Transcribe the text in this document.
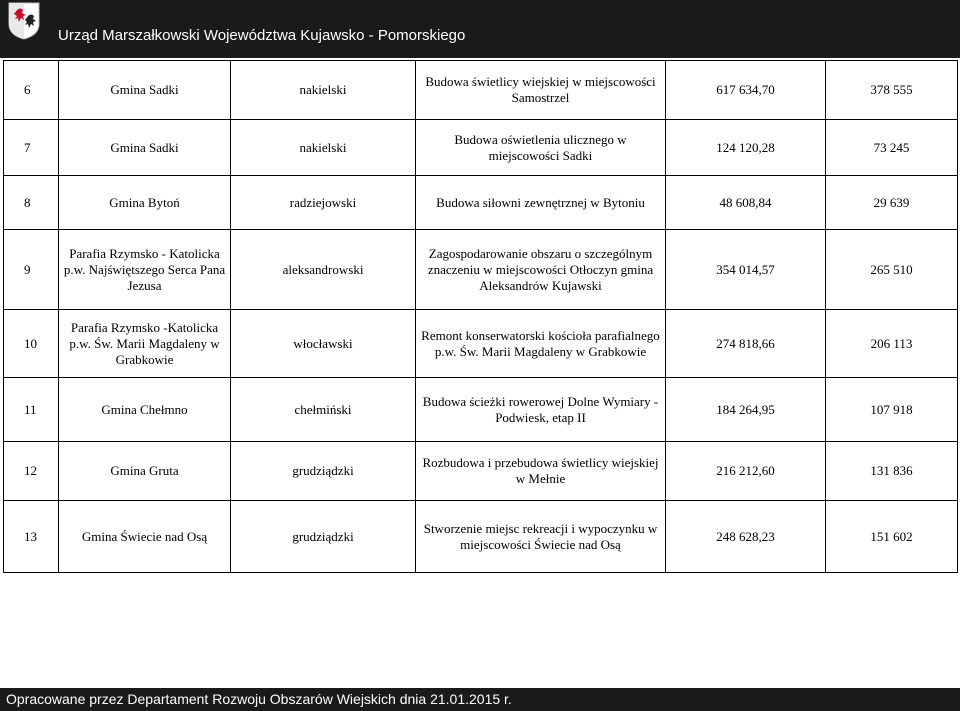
Urząd Marszałkowski Województwa Kujawsko - Pomorskiego
6	Gmina Sadki	nakielski	Budowa świetlicy wiejskiej w miejscowości Samostrzel	617 634,70	378 555
7	Gmina Sadki	nakielski	Budowa oświetlenia ulicznego w miejscowości Sadki	124 120,28	73 245
8	Gmina Bytoń	radziejowski	Budowa siłowni zewnętrznej w Bytoniu	48 608,84	29 639
9	Parafia Rzymsko - Katolicka p.w. Najświętszego Serca Pana Jezusa	aleksandrowski	Zagospodarowanie obszaru o szczególnym znaczeniu w miejscowości Otłoczyn gmina Aleksandrów Kujawski	354 014,57	265 510
10	Parafia Rzymsko -Katolicka p.w. Św. Marii Magdaleny w Grabkowie	włocławski	Remont konserwatorski kościoła parafialnego p.w. Św. Marii Magdaleny w Grabkowie	274 818,66	206 113
11	Gmina Chełmno	chełmiński	Budowa ścieżki rowerowej Dolne Wymiary - Podwiesk, etap II	184 264,95	107 918
12	Gmina Gruta	grudziądzki	Rozbudowa i przebudowa świetlicy wiejskiej w Mełnie	216 212,60	131 836
13	Gmina Świecie nad Osą	grudziądzki	Stworzenie miejsc rekreacji i wypoczynku w miejscowości Świecie nad Osą	248 628,23	151 602
Opracowane przez Departament Rozwoju Obszarów Wiejskich dnia 21.01.2015 r.
